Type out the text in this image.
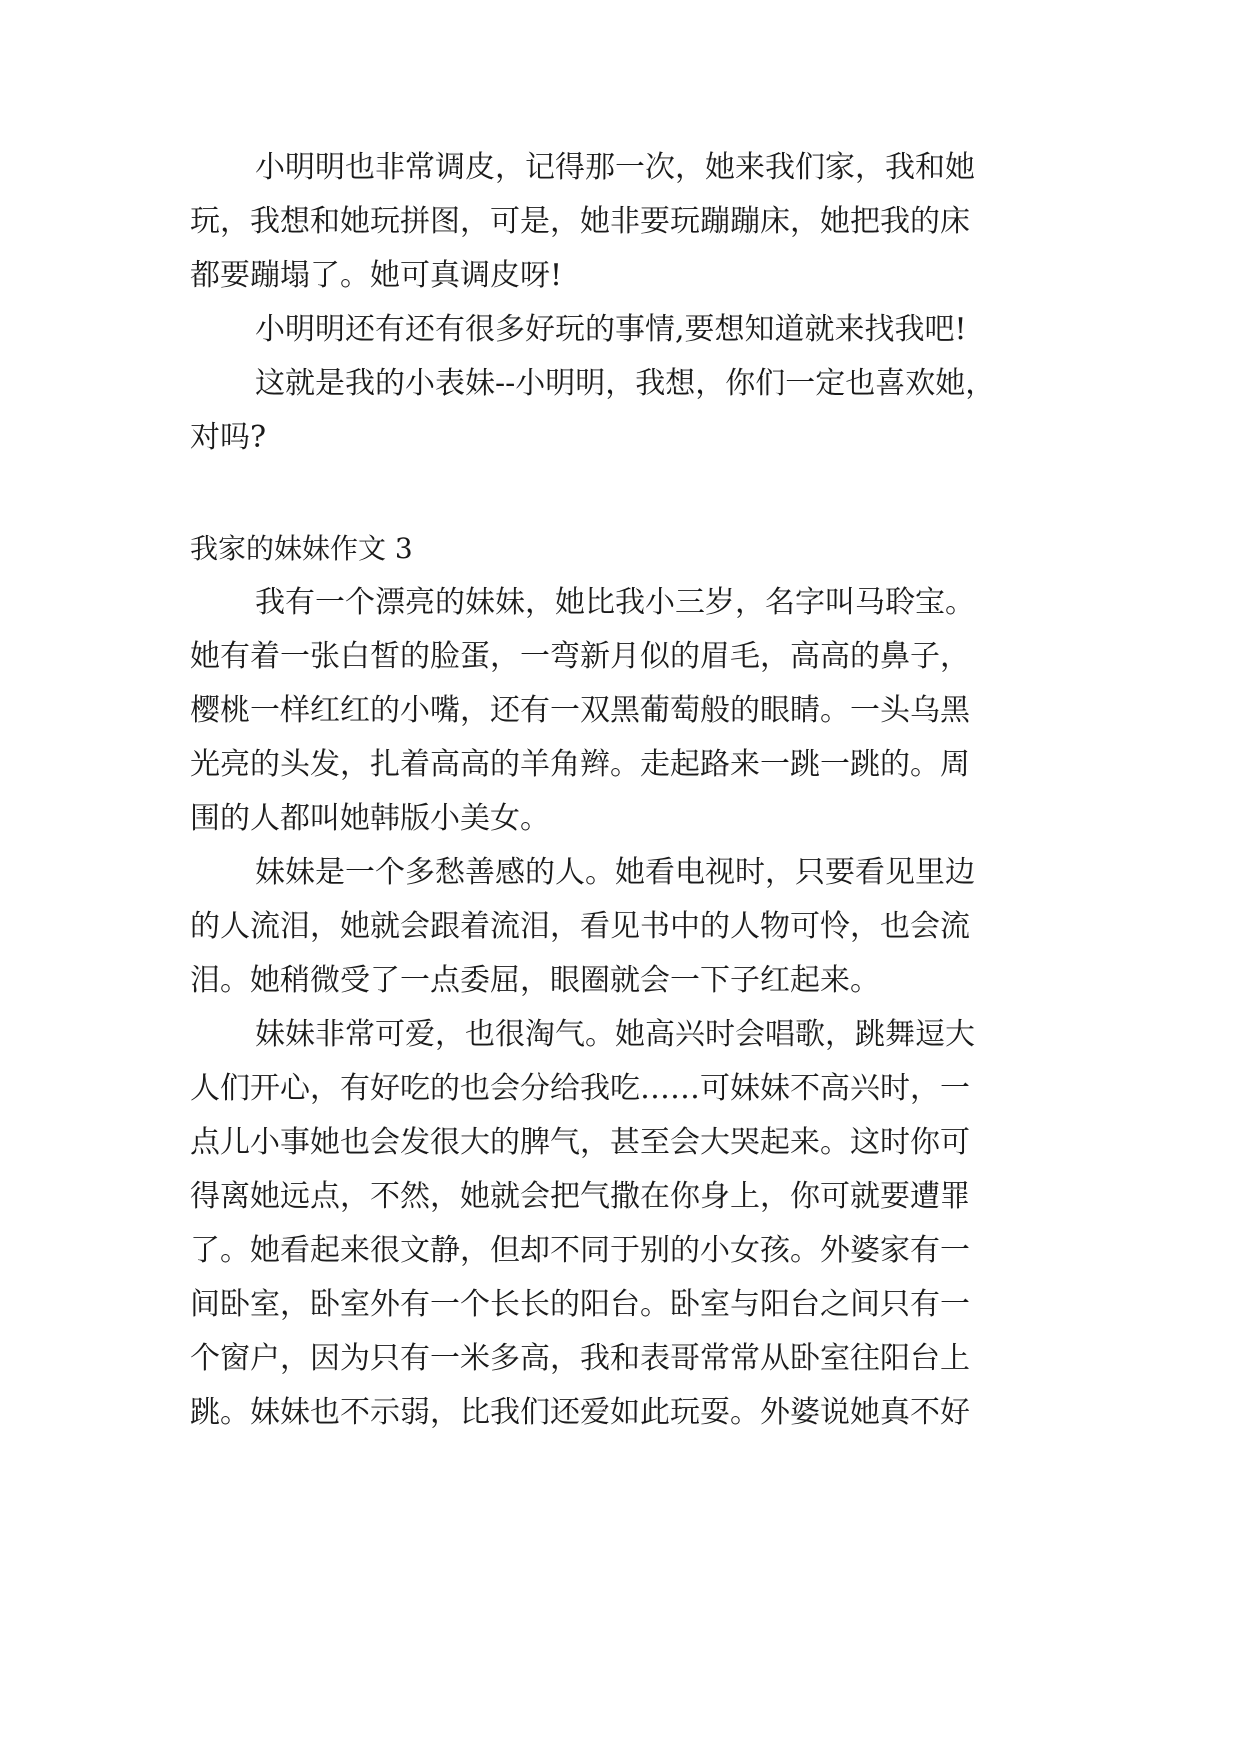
小明明也非常调皮，记得那一次，她来我们家，我和她
玩，我想和她玩拼图，可是，她非要玩蹦蹦床，她把我的床
都要蹦塌了。她可真调皮呀!
小明明还有还有很多好玩的事情,要想知道就来找我吧!
这就是我的小表妹--小明明，我想，你们一定也喜欢她，
对吗?
我家的妹妹作文 3
我有一个漂亮的妹妹，她比我小三岁，名字叫马聆宝。
她有着一张白皙的脸蛋，一弯新月似的眉毛，高高的鼻子，
樱桃一样红红的小嘴，还有一双黑葡萄般的眼睛。一头乌黑
光亮的头发，扎着高高的羊角辫。走起路来一跳一跳的。周
围的人都叫她韩版小美女。
妹妹是一个多愁善感的人。她看电视时，只要看见里边
的人流泪，她就会跟着流泪，看见书中的人物可怜，也会流
泪。她稍微受了一点委屈，眼圈就会一下子红起来。
妹妹非常可爱，也很淘气。她高兴时会唱歌，跳舞逗大
人们开心，有好吃的也会分给我吃……可妹妹不高兴时，一
点儿小事她也会发很大的脾气，甚至会大哭起来。这时你可
得离她远点，不然，她就会把气撒在你身上，你可就要遭罪
了。她看起来很文静，但却不同于别的小女孩。外婆家有一
间卧室，卧室外有一个长长的阳台。卧室与阳台之间只有一
个窗户，因为只有一米多高，我和表哥常常从卧室往阳台上
跳。妹妹也不示弱，比我们还爱如此玩耍。外婆说她真不好
